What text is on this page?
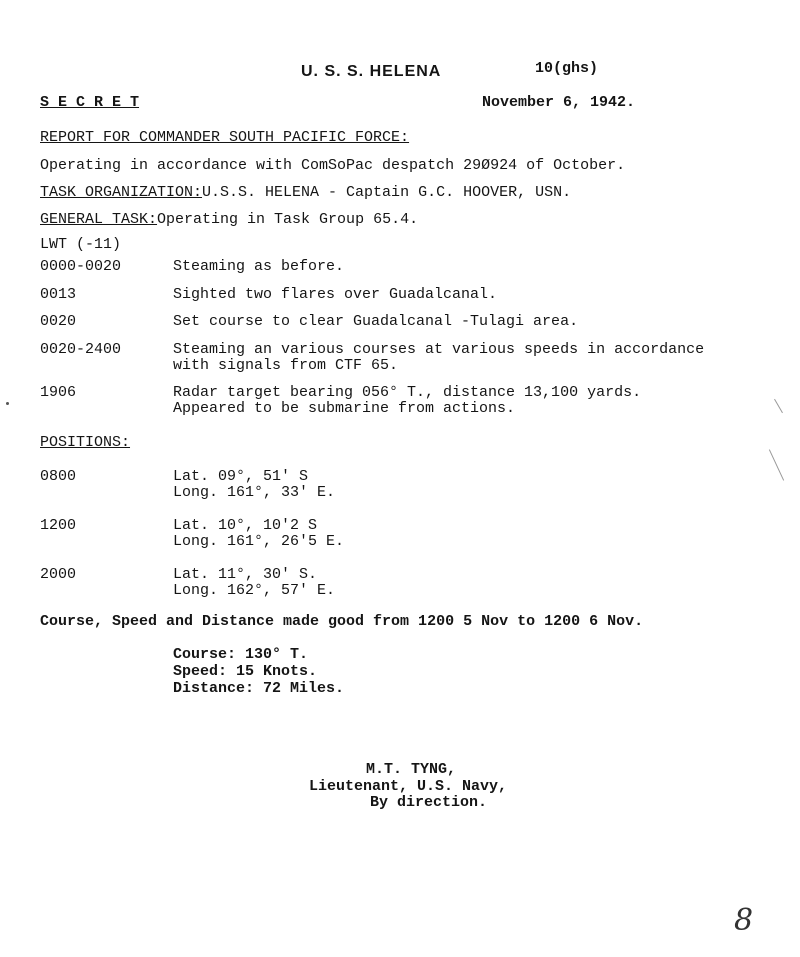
U. S. S. HELENA	10(ghs)
S E C R E T	November 6, 1942.
REPORT FOR COMMANDER SOUTH PACIFIC FORCE:
Operating in accordance with ComSoPac despatch 29Ø924 of October.
TASK ORGANIZATION:U.S.S. HELENA - Captain G.C. HOOVER, USN.
GENERAL TASK:Operating in Task Group 65.4.
LWT (-11)
0000-0020	Steaming as before.
0013	Sighted two flares over Guadalcanal.
0020	Set course to clear Guadalcanal -Tulagi area.
0020-2400	Steaming an various courses at various speeds in accordance
with signals from CTF 65.
1906	Radar target bearing 056° T., distance 13,100 yards.
Appeared to be submarine from actions.
POSITIONS:
0800	Lat. 09°, 51' S
Long. 161°, 33' E.
1200	Lat. 10°, 10'2 S
Long. 161°, 26'5 E.
2000	Lat. 11°, 30' S.
Long. 162°, 57' E.
Course, Speed and Distance made good from 1200 5 Nov to 1200 6 Nov.
Course: 130° T.
Speed: 15 Knots.
Distance: 72 Miles.
M.T. TYNG,
Lieutenant, U.S. Navy,
By direction.
8
